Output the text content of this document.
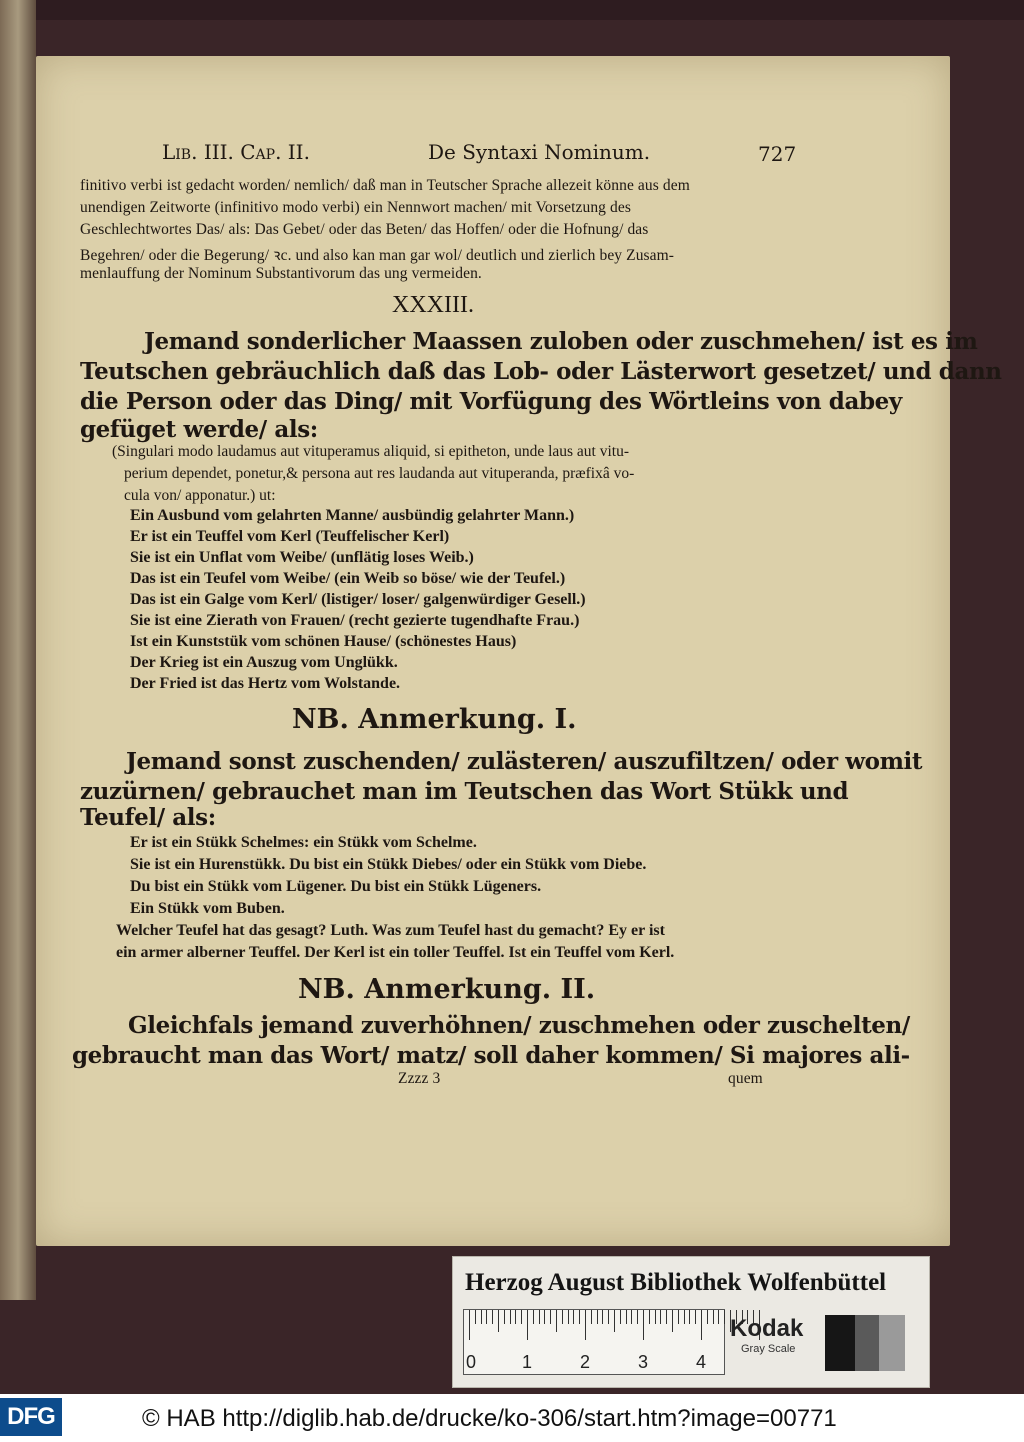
Lib. III. Cap. II.	De Syntaxi Nominum.	727
finitivo verbi ist gedacht worden/ nemlich/ daß man in Teutscher Sprache allezeit könne aus dem
unendigen Zeitworte (infinitivo modo verbi) ein Nennwort machen/ mit Vorsetzung des
Geschlechtwortes Das/ als: Das Gebet/ oder das Beten/ das Hoffen/ oder die Hofnung/ das
Begehren/ oder die Begerung/ ꝛc. und also kan man gar wol/ deutlich und zierlich bey Zusam-
menlauffung der Nominum Substantivorum das ung vermeiden.
XXXIII.
Jemand sonderlicher Maassen zuloben oder zuschmehen/ ist es im
Teutschen gebräuchlich daß das Lob- oder Lästerwort gesetzet/ und dann
die Person oder das Ding/ mit Vorfügung des Wörtleins von dabey
gefüget werde/ als:
(Singulari modo laudamus aut vituperamus aliquid, si epitheton, unde laus aut vitu-
perium dependet, ponetur,& persona aut res laudanda aut vituperanda, præfixâ vo-
cula von/ apponatur.) ut:
Ein Ausbund vom gelahrten Manne/ ausbündig gelahrter Mann.)
Er ist ein Teuffel vom Kerl (Teuffelischer Kerl)
Sie ist ein Unflat vom Weibe/ (unflätig loses Weib.)
Das ist ein Teufel vom Weibe/ (ein Weib so böse/ wie der Teufel.)
Das ist ein Galge vom Kerl/ (listiger/ loser/ galgenwürdiger Gesell.)
Sie ist eine Zierath von Frauen/ (recht gezierte tugendhafte Frau.)
Ist ein Kunststük vom schönen Hause/ (schönestes Haus)
Der Krieg ist ein Auszug vom Unglükk.
Der Fried ist das Hertz vom Wolstande.
NB. Anmerkung. I.
Jemand sonst zuschenden/ zulästeren/ auszufiltzen/ oder womit
zuzürnen/ gebrauchet man im Teutschen das Wort Stükk und
Teufel/ als:
Er ist ein Stükk Schelmes: ein Stükk vom Schelme.
Sie ist ein Hurenstükk. Du bist ein Stükk Diebes/ oder ein Stükk vom Diebe.
Du bist ein Stükk vom Lügener. Du bist ein Stükk Lügeners.
Ein Stükk vom Buben.
Welcher Teufel hat das gesagt? Luth. Was zum Teufel hast du gemacht? Ey er ist
ein armer alberner Teuffel. Der Kerl ist ein toller Teuffel. Ist ein Teuffel vom Kerl.
NB. Anmerkung. II.
Gleichfals jemand zuverhöhnen/ zuschmehen oder zuschelten/
gebraucht man das Wort/ matz/ soll daher kommen/ Si majores ali-
Zzzz 3	quem
Herzog August Bibliothek Wolfenbüttel
0	1	2	3	4
Kodak
Gray Scale
DFG	© HAB http://diglib.hab.de/drucke/ko-306/start.htm?image=00771
